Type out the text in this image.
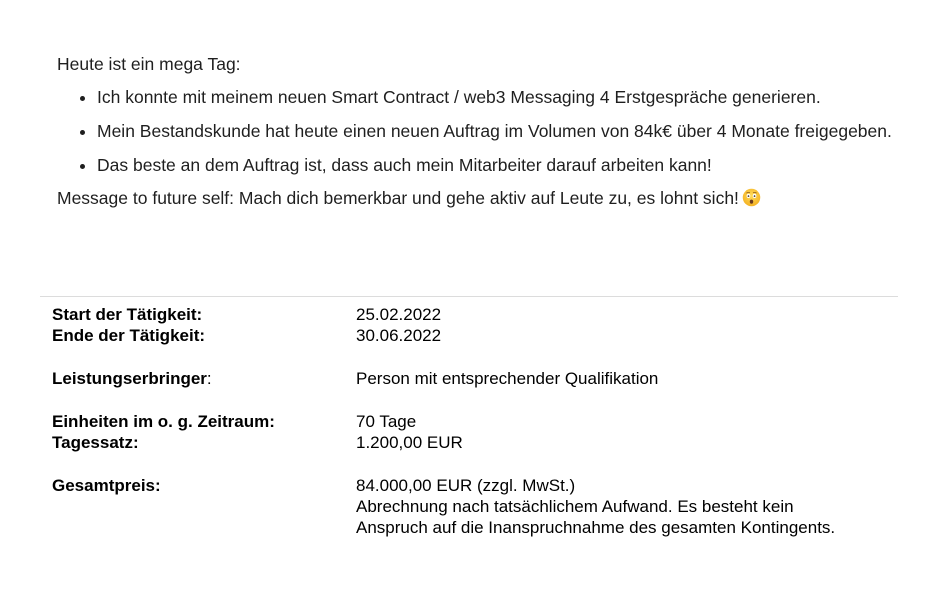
Heute ist ein mega Tag:

• Ich konnte mit meinem neuen Smart Contract / web3 Messaging 4 Erstgespräche generieren.
• Mein Bestandskunde hat heute einen neuen Auftrag im Volumen von 84k€ über 4 Monate freigegeben.
• Das beste an dem Auftrag ist, dass auch mein Mitarbeiter darauf arbeiten kann!

Message to future self: Mach dich bemerkbar und gehe aktiv auf Leute zu, es lohnt sich!

Start der Tätigkeit:	25.02.2022
Ende der Tätigkeit:	30.06.2022
Leistungserbringer:	Person mit entsprechender Qualifikation
Einheiten im o. g. Zeitraum:	70 Tage
Tagessatz:	1.200,00 EUR
Gesamtpreis:	84.000,00 EUR (zzgl. MwSt.)

Abrechnung nach tatsächlichem Aufwand. Es besteht kein

Anspruch auf die Inanspruchnahme des gesamten Kontingents.
